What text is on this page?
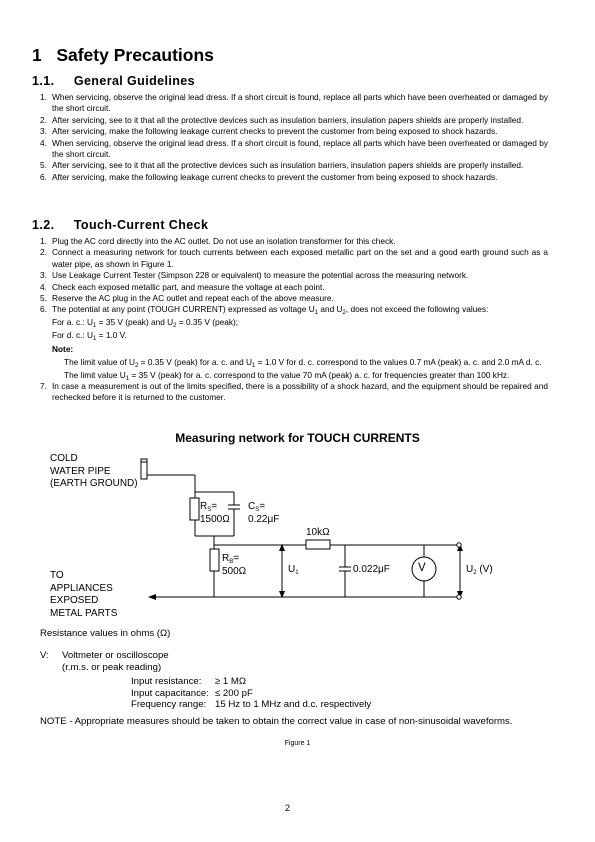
1 Safety Precautions
1.1. General Guidelines
1. When servicing, observe the original lead dress. If a short circuit is found, replace all parts which have been overheated or damaged by the short circuit.
2. After servicing, see to it that all the protective devices such as insulation barriers, insulation papers shields are properly installed.
3. After servicing, make the following leakage current checks to prevent the customer from being exposed to shock hazards.
4. When servicing, observe the original lead dress. If a short circuit is found, replace all parts which have been overheated or damaged by the short circuit.
5. After servicing, see to it that all the protective devices such as insulation barriers, insulation papers shields are properly installed.
6. After servicing, make the following leakage current checks to prevent the customer from being exposed to shock hazards.
1.2. Touch-Current Check
1. Plug the AC cord directly into the AC outlet. Do not use an isolation transformer for this check.
2. Connect a measuring network for touch currents between each exposed metallic part on the set and a good earth ground such as a water pipe, as shown in Figure 1.
3. Use Leakage Current Tester (Simpson 228 or equivalent) to measure the potential across the measuring network.
4. Check each exposed metallic part, and measure the voltage at each point.
5. Reserve the AC plug in the AC outlet and repeat each of the above measure.
6. The potential at any point (TOUGH CURRENT) expressed as voltage $U_1$ and $U_2$, does not exceed the following values:
For a. c.: $U_1 = 35$ V (peak) and $U_2 = 0.35$ V (peak);
For d. c.: $U_1 = 1.0$ V.
Note:
The limit value of $U_2 = 0.35$ V (peak) for a. c. and $U_1 = 1.0$ V for d. c. correspond to the values 0.7 mA (peak) a. c. and 2.0 mA d. c.
The limit value $U_1 = 35$ V (peak) for a. c. correspond to the value 70 mA (peak) a. c. for frequencies greater than 100 kHz.
7. In case a measurement is out of the limits specified, there is a possibility of a shock hazard, and the equipment should be repaired and rechecked before it is returned to the customer.
Measuring network for TOUCH CURRENTS
COLD
WATER PIPE
(EARTH GROUND)
TO
APPLIANCES
EXPOSED
METAL PARTS
$R_S=$
1500Ω
$C_S=$
0.22μF
10kΩ
$R_B=$
500Ω	$U_1$	0.022μF V	$U_2$ (V)
Resistance values in ohms (Ω)
V: Voltmeter or oscilloscope
(r.m.s. or peak reading)
Input resistance: ≥ 1 MΩ
Input capacitance: ≤ 200 pF
Frequency range: 15 Hz to 1 MHz and d.c. respectively
NOTE - Appropriate measures should be taken to obtain the correct value in case of non-sinusoidal waveforms.
Figure 1
2
